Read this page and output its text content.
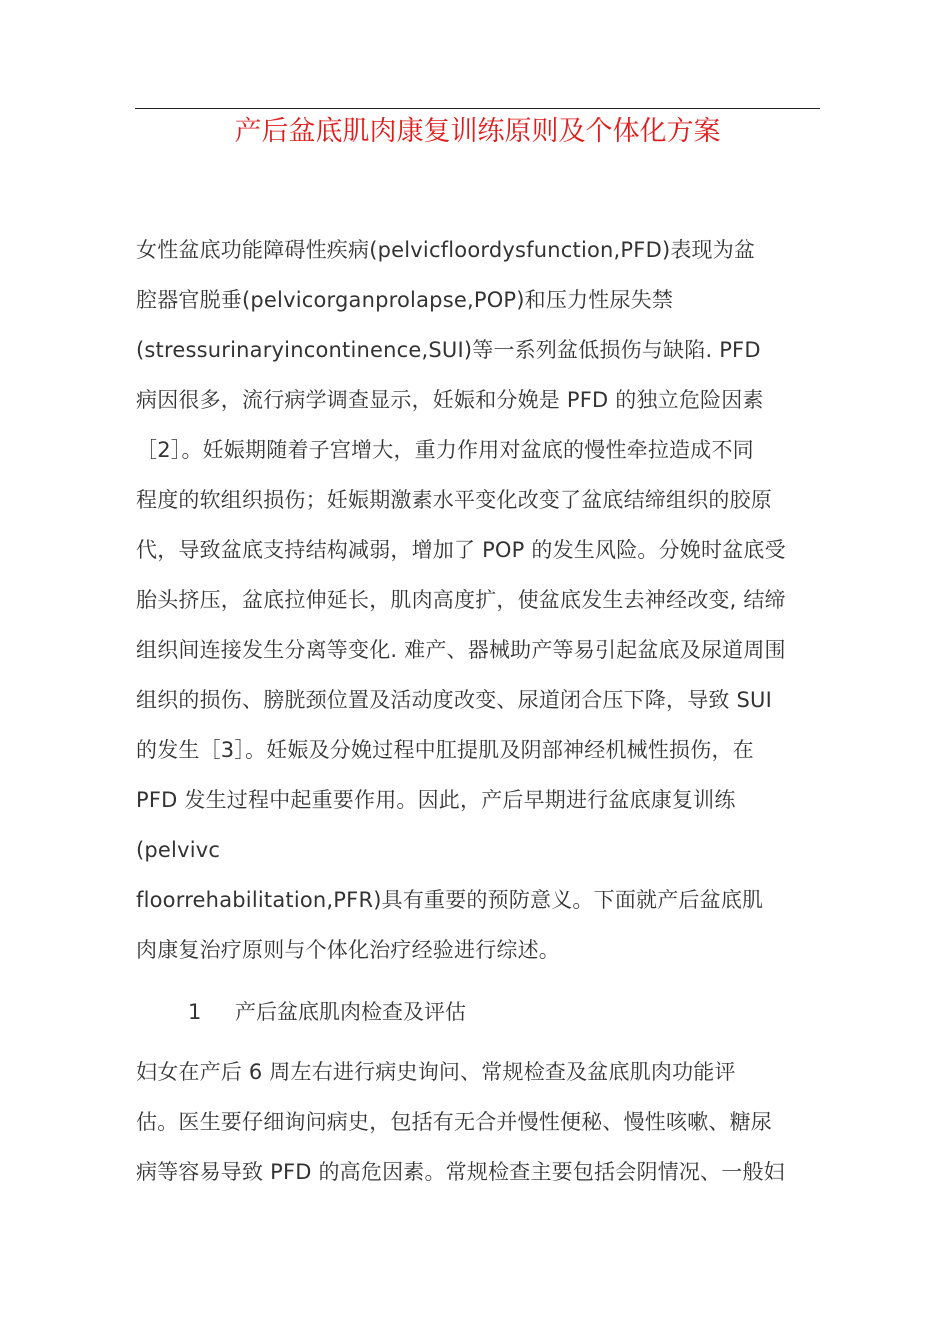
产后盆底肌肉康复训练原则及个体化方案
女性盆底功能障碍性疾病(pelvicfloordysfunction,PFD)表现为盆
腔器官脱垂(pelvicorganprolapse,POP)和压力性尿失禁
(stressurinaryincontinence,SUI)等一系列盆低损伤与缺陷. PFD
病因很多，流行病学调查显示，妊娠和分娩是 PFD 的独立危险因素
［2］。妊娠期随着子宫增大，重力作用对盆底的慢性牵拉造成不同
程度的软组织损伤；妊娠期激素水平变化改变了盆底结缔组织的胶原
代，导致盆底支持结构减弱，增加了 POP 的发生风险。分娩时盆底受
胎头挤压，盆底拉伸延长，肌肉高度扩，使盆底发生去神经改变, 结缔
组织间连接发生分离等变化. 难产、器械助产等易引起盆底及尿道周围
组织的损伤、膀胱颈位置及活动度改变、尿道闭合压下降，导致 SUI
的发生［3］。妊娠及分娩过程中肛提肌及阴部神经机械性损伤，在
PFD 发生过程中起重要作用。因此，产后早期进行盆底康复训练
(pelvivc
floorrehabilitation,PFR)具有重要的预防意义。下面就产后盆底肌
肉康复治疗原则与个体化治疗经验进行综述。
1 产后盆底肌肉检查及评估
妇女在产后 6 周左右进行病史询问、常规检查及盆底肌肉功能评
估。医生要仔细询问病史，包括有无合并慢性便秘、慢性咳嗽、糖尿
病等容易导致 PFD 的高危因素。常规检查主要包括会阴情况、一般妇
